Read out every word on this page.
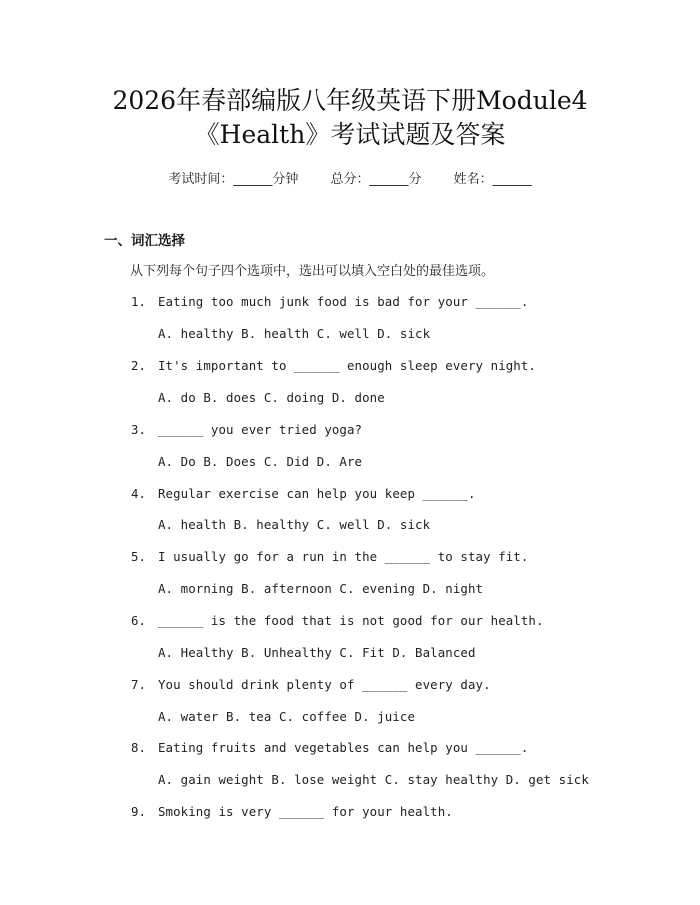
2026年春部编版八年级英语下册Module4
《Health》考试试题及答案
考试时间：______分钟 总分：______分 姓名：______
一、词汇选择
从下列每个句子四个选项中，选出可以填入空白处的最佳选项。
1. Eating too much junk food is bad for your ______.
A. healthy B. health C. well D. sick
2. It's important to ______ enough sleep every night.
A. do B. does C. doing D. done
3. ______ you ever tried yoga?
A. Do B. Does C. Did D. Are
4. Regular exercise can help you keep ______.
A. health B. healthy C. well D. sick
5. I usually go for a run in the ______ to stay fit.
A. morning B. afternoon C. evening D. night
6. ______ is the food that is not good for our health.
A. Healthy B. Unhealthy C. Fit D. Balanced
7. You should drink plenty of ______ every day.
A. water B. tea C. coffee D. juice
8. Eating fruits and vegetables can help you ______.
A. gain weight B. lose weight C. stay healthy D. get sick
9. Smoking is very ______ for your health.
